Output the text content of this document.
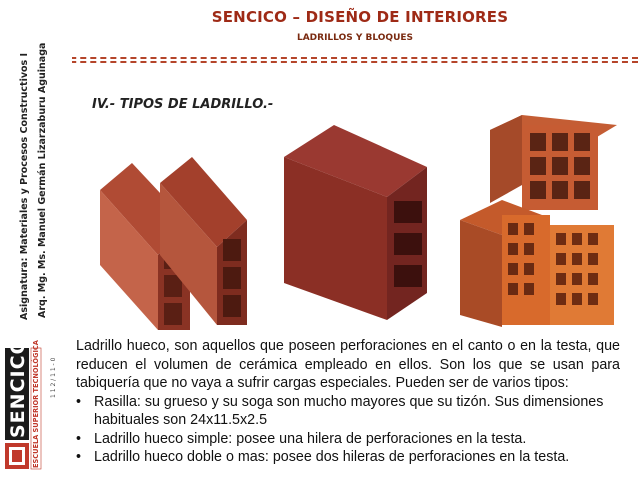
SENCICO – DISEÑO DE INTERIORES
LADRILLOS Y BLOQUES
Asignatura: Materiales y Procesos Constructivos I Arq. Mg. Ms. Manuel Germán Lizarzaburu Aguinaga
SENCICO ESCUELA SUPERIOR TECNOLÓGICA 1 1 2 / 1 1 - 0
IV.- TIPOS DE LADRILLO.-

Ladrillo hueco, son aquellos que poseen perforaciones en el canto o en la testa, que reducen el volumen de cerámica empleado en ellos. Son los que se usan para tabiquería que no vaya a sufrir cargas especiales. Pueden ser de varios tipos:

• Rasilla: su grueso y su soga son mucho mayores que su tizón. Sus dimensiones habituales son 24x11.5x2.5
• Ladrillo hueco simple: posee una hilera de perforaciones en la testa.
• Ladrillo hueco doble o mas: posee dos hileras de perforaciones en la testa.
